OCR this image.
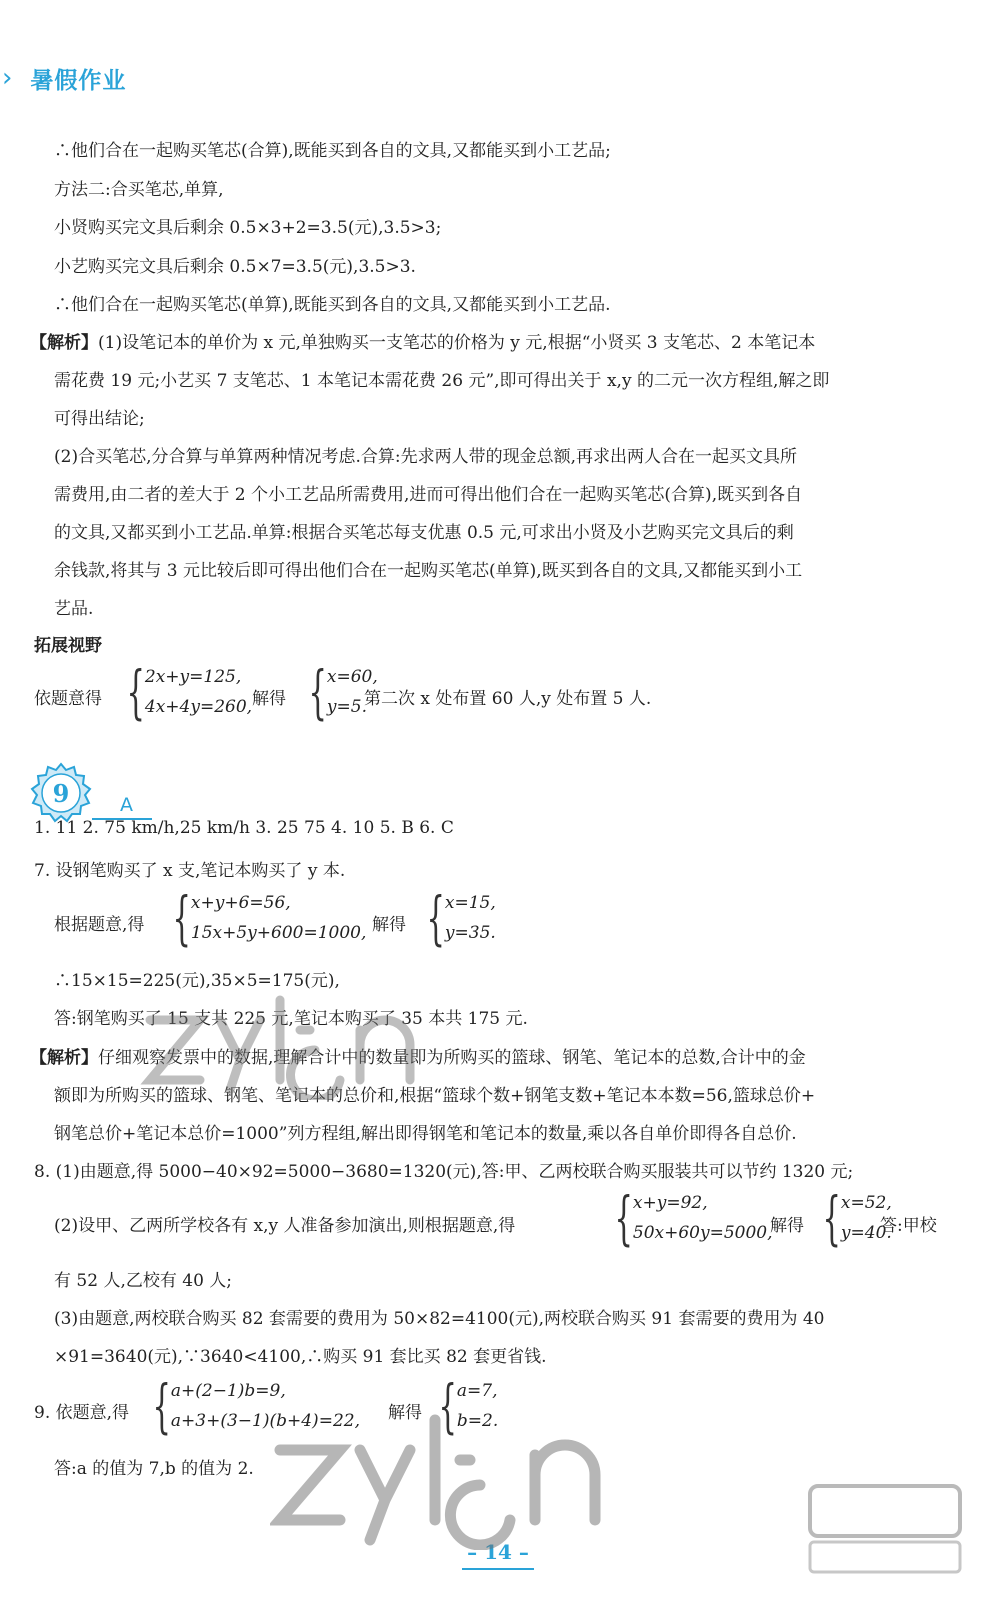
› 暑假作业
∴他们合在一起购买笔芯(合算),既能买到各自的文具,又都能买到小工艺品;
方法二:合买笔芯,单算,
小贤购买完文具后剩余 0.5×3+2=3.5(元),3.5>3;
小艺购买完文具后剩余 0.5×7=3.5(元),3.5>3.
∴他们合在一起购买笔芯(单算),既能买到各自的文具,又都能买到小工艺品.
【解析】(1)设笔记本的单价为 x 元,单独购买一支笔芯的价格为 y 元,根据“小贤买 3 支笔芯、2 本笔记本
需花费 19 元;小艺买 7 支笔芯、1 本笔记本需花费 26 元”,即可得出关于 x,y 的二元一次方程组,解之即
可得出结论;
(2)合买笔芯,分合算与单算两种情况考虑.合算:先求两人带的现金总额,再求出两人合在一起买文具所
需费用,由二者的差大于 2 个小工艺品所需费用,进而可得出他们合在一起购买笔芯(合算),既买到各自
的文具,又都买到小工艺品.单算:根据合买笔芯每支优惠 0.5 元,可求出小贤及小艺购买完文具后的剩
余钱款,将其与 3 元比较后即可得出他们合在一起购买笔芯(单算),既买到各自的文具,又都能买到小工
艺品.
拓展视野
依题意得 { 2x+y=125,
4x+4y=260, 解得 { x=60,
y=5.
第二次 x 处布置 60 人,y 处布置 5 人.
9	A
1. 11 2. 75 km/h,25 km/h 3. 25 75 4. 10 5. B 6. C
7. 设钢笔购买了 x 支,笔记本购买了 y 本.
根据题意,得 { x+y+6=56,
15x+5y+600=1000, 解得 { x=15,
y=35.
∴15×15=225(元),35×5=175(元),
答:钢笔购买了 15 支共 225 元,笔记本购买了 35 本共 175 元.
【解析】仔细观察发票中的数据,理解合计中的数量即为所购买的篮球、钢笔、笔记本的总数,合计中的金
额即为所购买的篮球、钢笔、笔记本的总价和,根据“篮球个数+钢笔支数+笔记本本数=56,篮球总价+
钢笔总价+笔记本总价=1000”列方程组,解出即得钢笔和笔记本的数量,乘以各自单价即得各自总价.
8. (1)由题意,得 5000−40×92=5000−3680=1320(元),答:甲、乙两校联合购买服装共可以节约 1320 元;
(2)设甲、乙两所学校各有 x,y 人准备参加演出,则根据题意,得 { x+y=92,
50x+60y=5000,
解得 { x=52,
y=40.
答:甲校
有 52 人,乙校有 40 人;
(3)由题意,两校联合购买 82 套需要的费用为 50×82=4100(元),两校联合购买 91 套需要的费用为 40
×91=3640(元),∵3640<4100,∴购买 91 套比买 82 套更省钱.
9. 依题意,得 { a+(2−1)b=9,
a+3+(3−1)(b+4)=22, 解得 { a=7,
b=2.
答:a 的值为 7,b 的值为 2.
– 14 –
